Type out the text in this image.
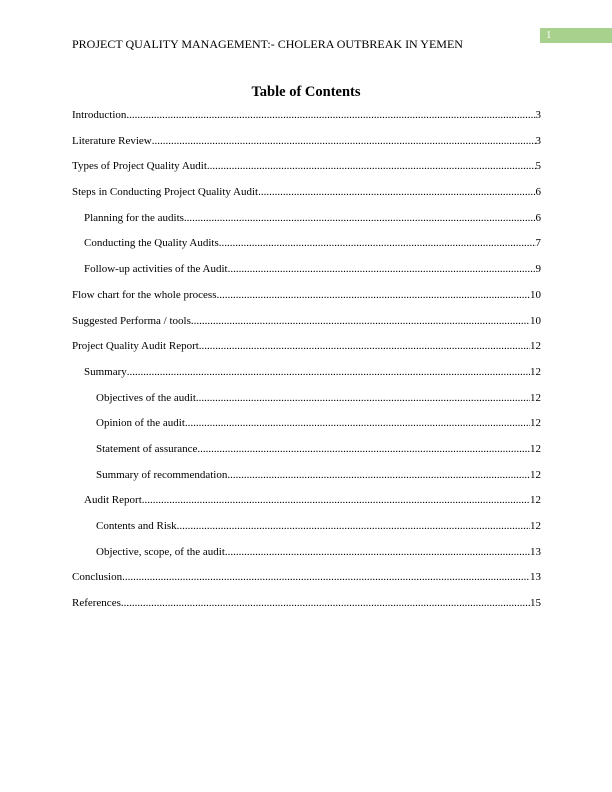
1
PROJECT QUALITY MANAGEMENT:- CHOLERA OUTBREAK IN YEMEN
Table of Contents
Introduction .....	3
Literature Review .....	3
Types of Project Quality Audit .....	5
Steps in Conducting Project Quality Audit .....	6
Planning for the audits .....	6
Conducting the Quality Audits .....	7
Follow-up activities of the Audit .....	9
Flow chart for the whole process .....	10
Suggested Performa / tools .....	10
Project Quality Audit Report .....	12
Summary .....	12
Objectives of the audit .....	12
Opinion of the audit .....	12
Statement of assurance .....	12
Summary of recommendation .....	12
Audit Report .....	12
Contents and Risk .....	12
Objective, scope, of the audit .....	13
Conclusion .....	13
References .....	15
